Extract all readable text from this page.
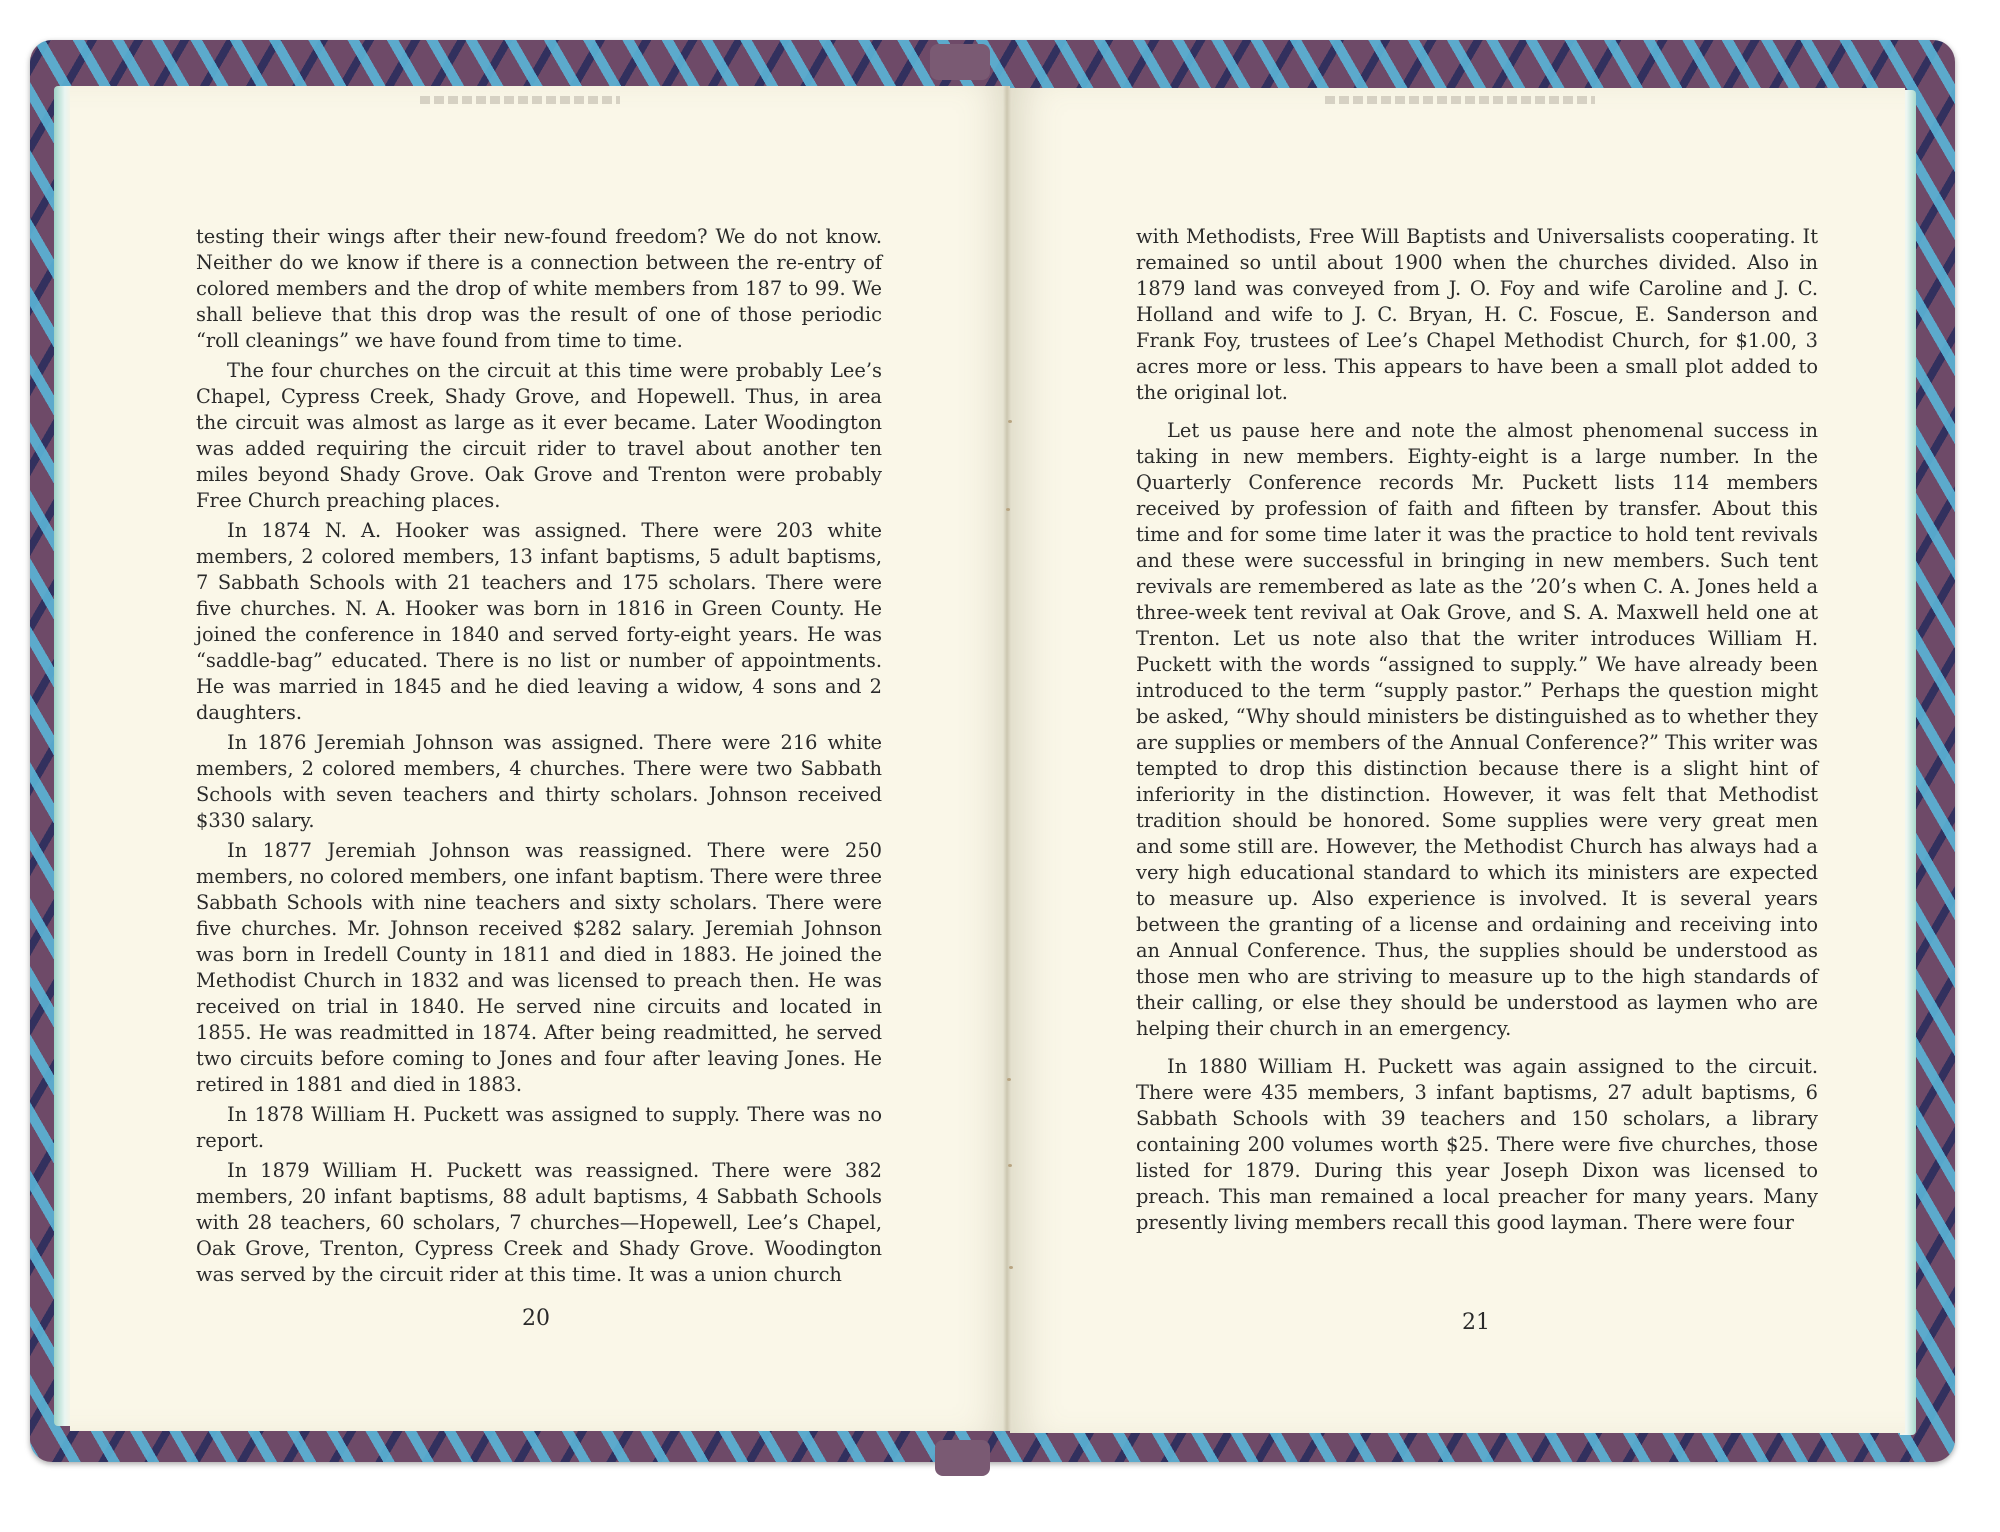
testing their wings after their new-found freedom? We do not know. Neither do we know if there is a connection between the re-entry of colored members and the drop of white members from 187 to 99. We shall believe that this drop was the result of one of those periodic “roll cleanings” we have found from time to time.

The four churches on the circuit at this time were probably Lee’s Chapel, Cypress Creek, Shady Grove, and Hopewell. Thus, in area the circuit was almost as large as it ever became. Later Woodington was added requiring the circuit rider to travel about another ten miles beyond Shady Grove. Oak Grove and Trenton were probably Free Church preaching places.

In 1874 N. A. Hooker was assigned. There were 203 white members, 2 colored members, 13 infant baptisms, 5 adult baptisms, 7 Sabbath Schools with 21 teachers and 175 scholars. There were five churches. N. A. Hooker was born in 1816 in Green County. He joined the conference in 1840 and served forty-eight years. He was “saddle-bag” educated. There is no list or number of appointments. He was married in 1845 and he died leaving a widow, 4 sons and 2 daughters.

In 1876 Jeremiah Johnson was assigned. There were 216 white members, 2 colored members, 4 churches. There were two Sabbath Schools with seven teachers and thirty scholars. Johnson received $330 salary.

In 1877 Jeremiah Johnson was reassigned. There were 250 members, no colored members, one infant baptism. There were three Sabbath Schools with nine teachers and sixty scholars. There were five churches. Mr. Johnson received $282 salary. Jeremiah Johnson was born in Iredell County in 1811 and died in 1883. He joined the Methodist Church in 1832 and was licensed to preach then. He was received on trial in 1840. He served nine circuits and located in 1855. He was readmitted in 1874. After being readmitted, he served two circuits before coming to Jones and four after leaving Jones. He retired in 1881 and died in 1883.

In 1878 William H. Puckett was assigned to supply. There was no report.

In 1879 William H. Puckett was reassigned. There were 382 members, 20 infant baptisms, 88 adult baptisms, 4 Sabbath Schools with 28 teachers, 60 scholars, 7 churches—Hopewell, Lee’s Chapel, Oak Grove, Trenton, Cypress Creek and Shady Grove. Woodington was served by the circuit rider at this time. It was a union church

with Methodists, Free Will Baptists and Universalists cooperating. It remained so until about 1900 when the churches divided. Also in 1879 land was conveyed from J. O. Foy and wife Caroline and J. C. Holland and wife to J. C. Bryan, H. C. Foscue, E. Sanderson and Frank Foy, trustees of Lee’s Chapel Methodist Church, for $1.00, 3 acres more or less. This appears to have been a small plot added to the original lot.

Let us pause here and note the almost phenomenal success in taking in new members. Eighty-eight is a large number. In the Quarterly Conference records Mr. Puckett lists 114 members received by profession of faith and fifteen by transfer. About this time and for some time later it was the practice to hold tent revivals and these were successful in bringing in new members. Such tent revivals are remembered as late as the ’20’s when C. A. Jones held a three-week tent revival at Oak Grove, and S. A. Maxwell held one at Trenton. Let us note also that the writer introduces William H. Puckett with the words “assigned to supply.” We have already been introduced to the term “supply pastor.” Perhaps the question might be asked, “Why should ministers be distinguished as to whether they are supplies or members of the Annual Conference?” This writer was tempted to drop this distinction because there is a slight hint of inferiority in the distinction. However, it was felt that Methodist tradition should be honored. Some supplies were very great men and some still are. However, the Methodist Church has always had a very high educational standard to which its ministers are expected to measure up. Also experience is involved. It is several years between the granting of a license and ordaining and receiving into an Annual Conference. Thus, the supplies should be understood as those men who are striving to measure up to the high standards of their calling, or else they should be understood as laymen who are helping their church in an emergency.

In 1880 William H. Puckett was again assigned to the circuit. There were 435 members, 3 infant baptisms, 27 adult baptisms, 6 Sabbath Schools with 39 teachers and 150 scholars, a library containing 200 volumes worth $25. There were five churches, those listed for 1879. During this year Joseph Dixon was licensed to preach. This man remained a local preacher for many years. Many presently living members recall this good layman. There were four

20	21
